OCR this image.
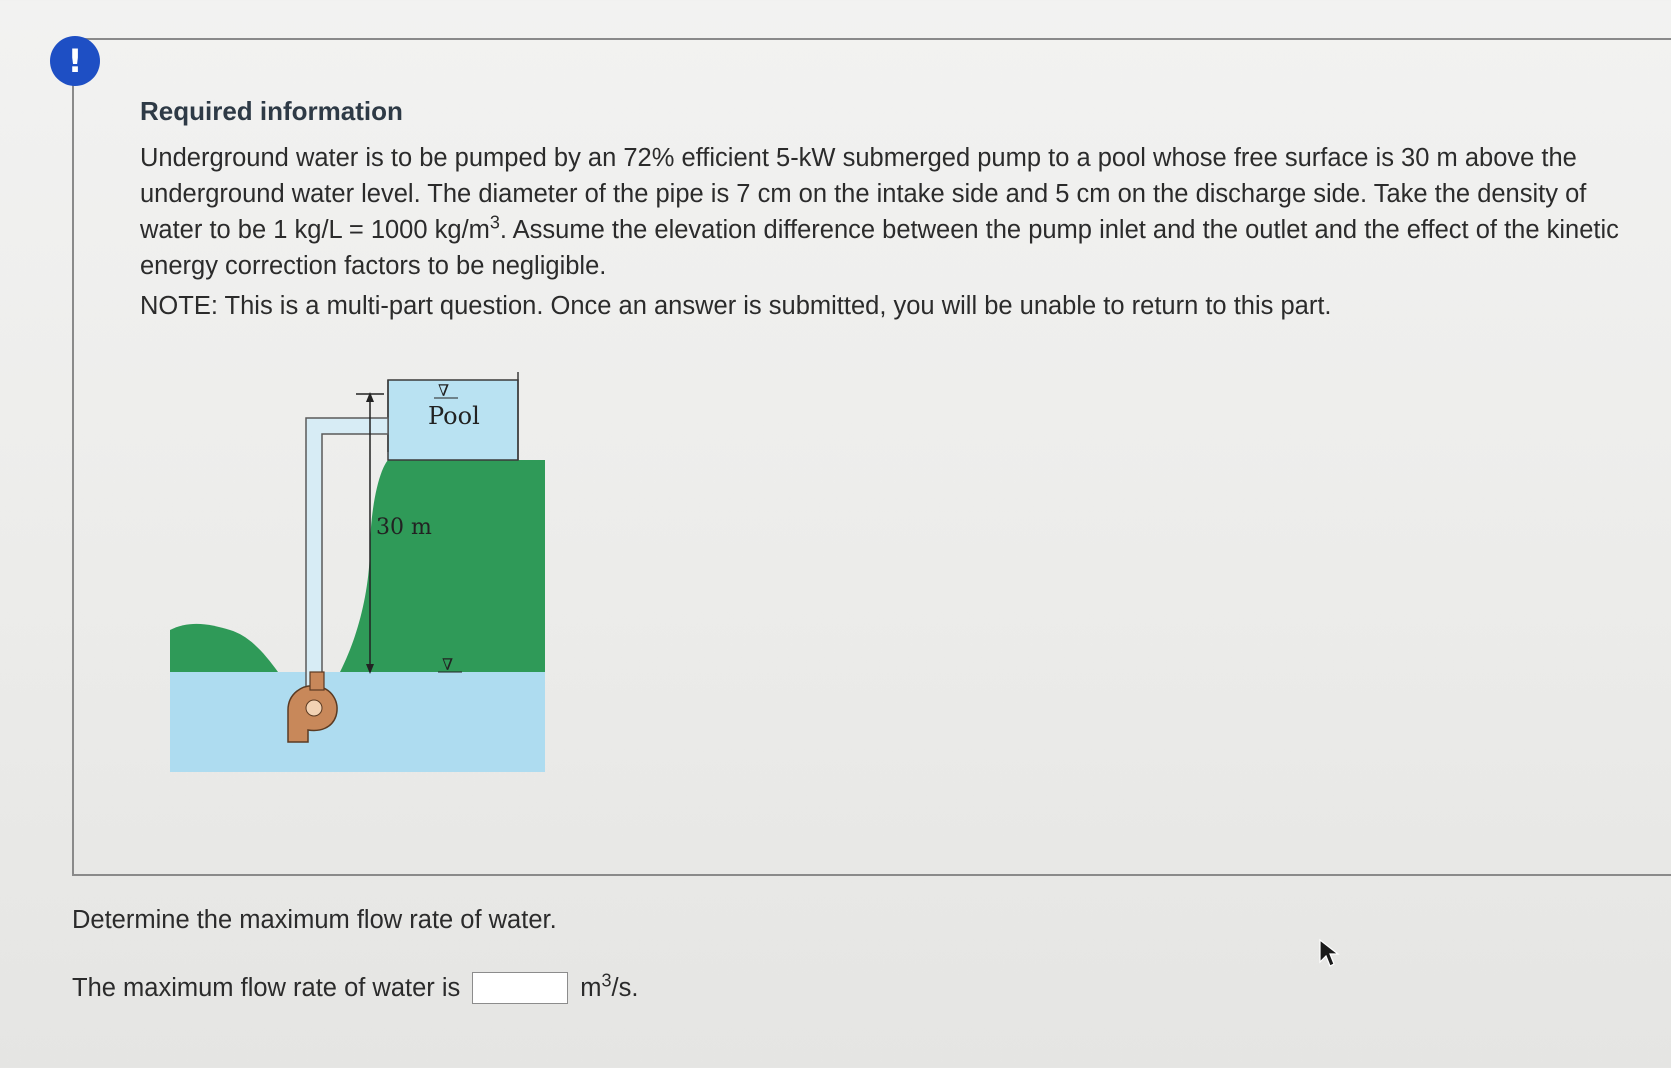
!
Required information

Underground water is to be pumped by an 72% efficient 5-kW submerged pump to a pool whose free surface is 30 m above the underground water level. The diameter of the pipe is 7 cm on the intake side and 5 cm on the discharge side. Take the density of water to be 1 kg/L = 1000 $kg/m^3$. Assume the elevation difference between the pump inlet and the outlet and the effect of the kinetic energy correction factors to be negligible.

NOTE: This is a multi-part question. Once an answer is submitted, you will be unable to return to this part.

Pool
∇
30 m
∇

Determine the maximum flow rate of water.

The maximum flow rate of water is	$m^3/s$.
